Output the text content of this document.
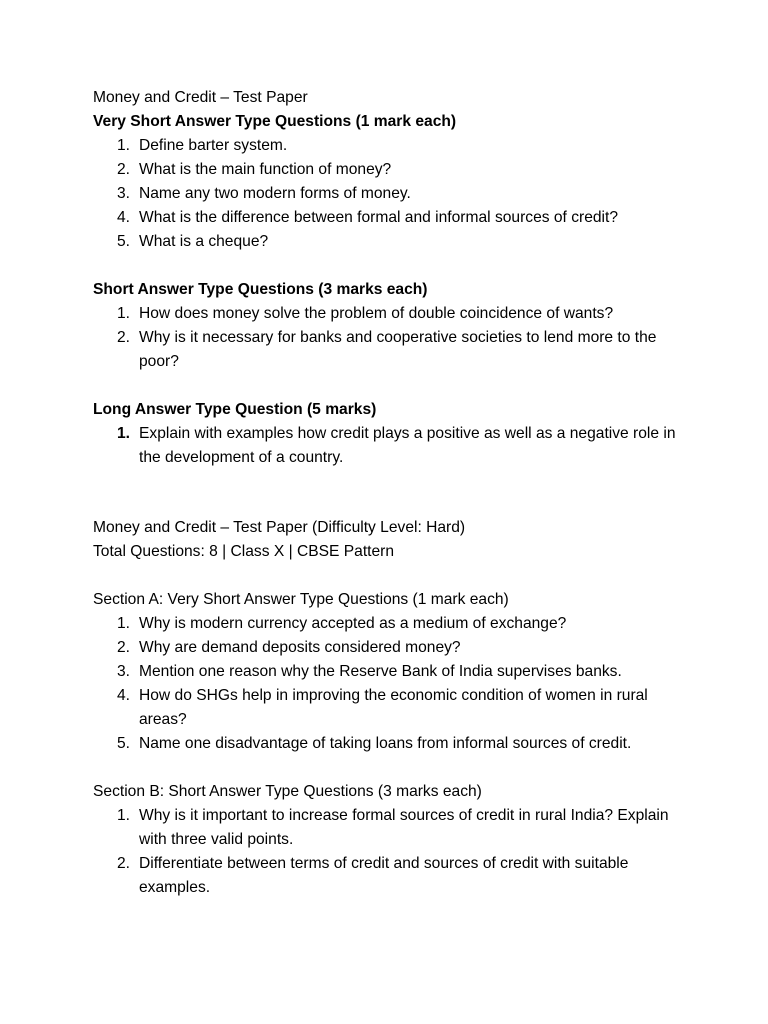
Money and Credit – Test Paper
Very Short Answer Type Questions (1 mark each)
1. Define barter system.
2. What is the main function of money?
3. Name any two modern forms of money.
4. What is the difference between formal and informal sources of credit?
5. What is a cheque?
Short Answer Type Questions (3 marks each)
1. How does money solve the problem of double coincidence of wants?
2. Why is it necessary for banks and cooperative societies to lend more to the poor?
Long Answer Type Question (5 marks)
1. Explain with examples how credit plays a positive as well as a negative role in the development of a country.
Money and Credit – Test Paper (Difficulty Level: Hard)
Total Questions: 8 | Class X | CBSE Pattern
Section A: Very Short Answer Type Questions (1 mark each)
1. Why is modern currency accepted as a medium of exchange?
2. Why are demand deposits considered money?
3. Mention one reason why the Reserve Bank of India supervises banks.
4. How do SHGs help in improving the economic condition of women in rural areas?
5. Name one disadvantage of taking loans from informal sources of credit.
Section B: Short Answer Type Questions (3 marks each)
1. Why is it important to increase formal sources of credit in rural India? Explain with three valid points.
2. Differentiate between terms of credit and sources of credit with suitable examples.
